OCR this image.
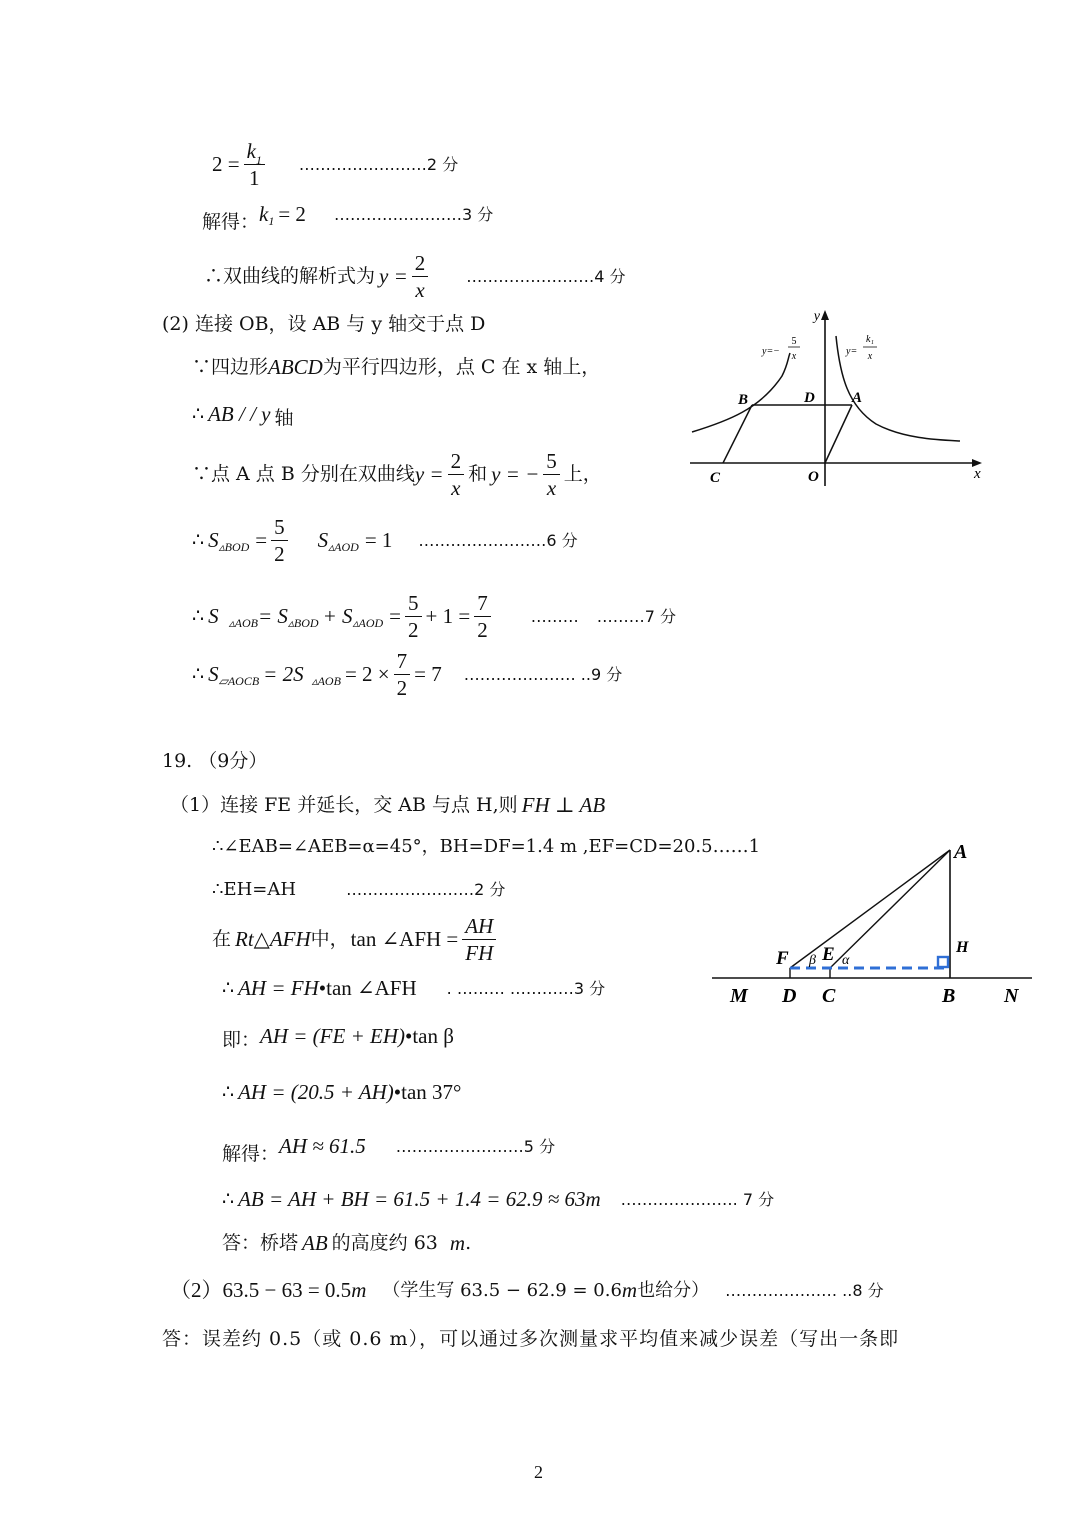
$2 = \frac{k_1}{1}$ ……………………2 分
解得： k 1 = 2 ……………………3 分
∴双曲线的解析式为 $y = \frac{2}{x}$ ……………………4 分
(2) 连接 OB，设 AB 与 y 轴交于点 D
∵四边形 ABCD 为平行四边形，点 C 在 x 轴上，
∴ AB / / y 轴
∵点 A 点 B 分别在双曲线 $y = \frac{2}{x}$ 和 y = − $\frac{5}{x}$ 上，
∴ S ▵BOD = $\frac{5}{2}$ S ▵AOD = 1 ……………………6 分
∴ S ▵AOB = S ▵BOD + S ▵AOD = $\frac{5}{2} + 1 = \frac{7}{2}$	……… ………7 分
∴ S ▱AOCB = 2S ▵AOB = $2 \times \frac{7}{2} = 7$ ………………… ..9 分
y
x
B	D A
C	O
y=−
5
x	y=
k₁
x
19. （9分）
（1）连接 FE 并延长，交 AB 与点 H,则 FH ⊥ AB
∴∠EAB=∠AEB=α=45°，BH=DF=1.4 m ,EF=CD=20.5……1
∴EH=AH	……………………2 分
在 Rt△AFH 中， tan ∠AFH = $\frac{AH}{FH}$
∴ AH = FH •tan ∠AFH . ……… …………3 分
即： AH = (FE + EH) •tan β
∴ AH = (20.5 + AH) •tan 37°
解得： AH ≈ 61.5 ……………………5 分
∴ AB = AH + BH = 61.5 + 1.4 = 62.9 ≈ 63m …………………. 7 分
答：桥塔 AB 的高度约 63 m .
（2）63.5 − 63 = 0.5 m （学生写 63.5 − 62.9 = 0.6 m 也给分） ………………… ..8 分
答：误差约 0.5（或 0.6 m），可以通过多次测量求平均值来减少误差（写出一条即
A
H
F E
β α
M D C	B N
2
